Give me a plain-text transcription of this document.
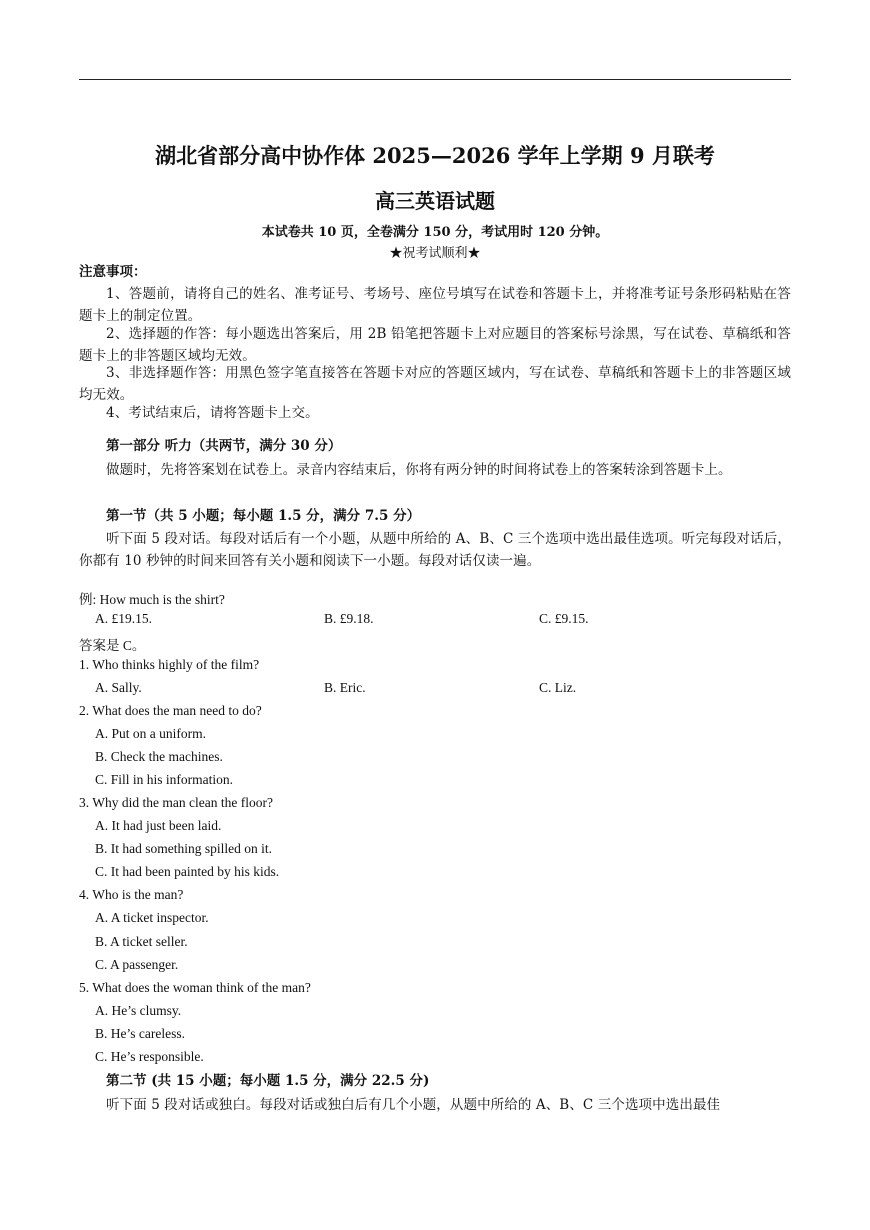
湖北省部分高中协作体 2025—2026 学年上学期 9 月联考
高三英语试题
本试卷共 10 页，全卷满分 150 分，考试用时 120 分钟。
★祝考试顺利★
注意事项：
1、答题前，请将自己的姓名、准考证号、考场号、座位号填写在试卷和答题卡上，并将准考证号条形码粘贴在答题卡上的制定位置。
2、选择题的作答：每小题选出答案后，用 2B 铅笔把答题卡上对应题目的答案标号涂黑，写在试卷、草稿纸和答题卡上的非答题区域均无效。
3、非选择题作答：用黑色签字笔直接答在答题卡对应的答题区域内，写在试卷、草稿纸和答题卡上的非答题区域均无效。
4、考试结束后，请将答题卡上交。
第一部分 听力（共两节，满分 30 分）
做题时，先将答案划在试卷上。录音内容结束后，你将有两分钟的时间将试卷上的答案转涂到答题卡上。
第一节（共 5 小题；每小题 1.5 分，满分 7.5 分）
听下面 5 段对话。每段对话后有一个小题，从题中所给的 A、B、C 三个选项中选出最佳选项。听完每段对话后，你都有 10 秒钟的时间来回答有关小题和阅读下一小题。每段对话仅读一遍。
例: How much is the shirt?
A. £19.15.	B. £9.18.	C. £9.15.
答案是 C。
1. Who thinks highly of the film?
A. Sally.	B. Eric.	C. Liz.
2. What does the man need to do?
A. Put on a uniform.
B. Check the machines.
C. Fill in his information.
3. Why did the man clean the floor?
A. It had just been laid.
B. It had something spilled on it.
C. It had been painted by his kids.
4. Who is the man?
A. A ticket inspector.
B. A ticket seller.
C. A passenger.
5. What does the woman think of the man?
A. He’s clumsy.
B. He’s careless.
C. He’s responsible.
第二节 (共 15 小题；每小题 1.5 分，满分 22.5 分)
听下面 5 段对话或独白。每段对话或独白后有几个小题，从题中所给的 A、B、C 三个选项中选出最佳
